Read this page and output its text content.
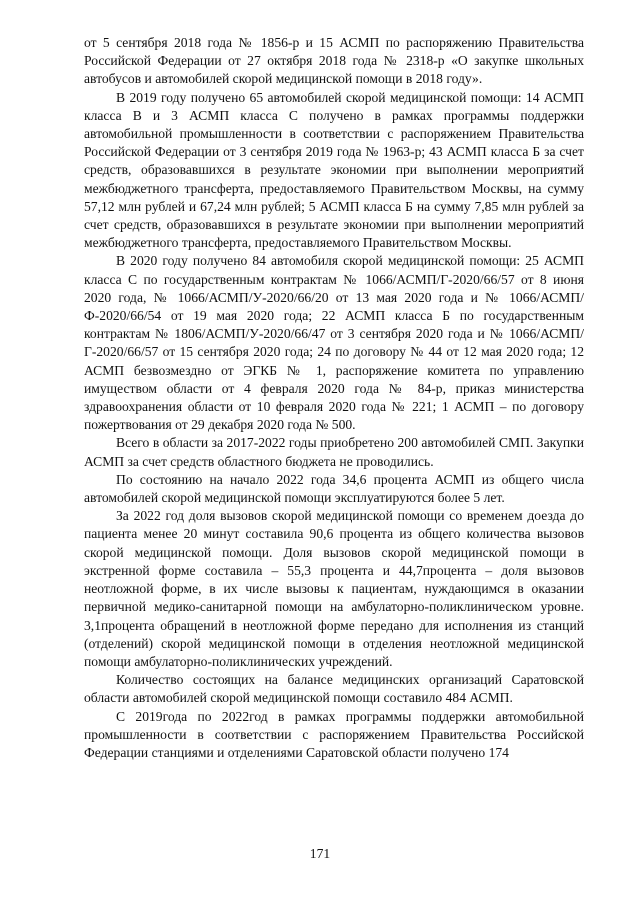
от 5 сентября 2018 года № 1856-р и 15 АСМП по распоряжению Правительства Российской Федерации от 27 октября 2018 года № 2318-р «О закупке школьных автобусов и автомобилей скорой медицинской помощи в 2018 году».

В 2019 году получено 65 автомобилей скорой медицинской помощи: 14 АСМП класса В и 3 АСМП класса С получено в рамках программы поддержки автомобильной промышленности в соответствии с распоряжением Правительства Российской Федерации от 3 сентября 2019 года № 1963-р; 43 АСМП класса Б за счет средств, образовавшихся в результате экономии при выполнении мероприятий межбюджетного трансферта, предоставляемого Правительством Москвы, на сумму 57,12 млн рублей и 67,24 млн рублей; 5 АСМП класса Б на сумму 7,85 млн рублей за счет средств, образовавшихся в результате экономии при выполнении мероприятий межбюджетного трансферта, предоставляемого Правительством Москвы.

В 2020 году получено 84 автомобиля скорой медицинской помощи: 25 АСМП класса С по государственным контрактам № 1066/АСМП/Г-2020/66/57 от 8 июня 2020 года, № 1066/АСМП/У-2020/66/20 от 13 мая 2020 года и № 1066/АСМП/Ф-2020/66/54 от 19 мая 2020 года; 22 АСМП класса Б по государственным контрактам № 1806/АСМП/У-2020/66/47 от 3 сентября 2020 года и № 1066/АСМП/Г-2020/66/57 от 15 сентября 2020 года; 24 по договору № 44 от 12 мая 2020 года; 12 АСМП безвозмездно от ЭГКБ № 1, распоряжение комитета по управлению имуществом области от 4 февраля 2020 года № 84-р, приказ министерства здравоохранения области от 10 февраля 2020 года № 221; 1 АСМП – по договору пожертвования от 29 декабря 2020 года № 500.

Всего в области за 2017-2022 годы приобретено 200 автомобилей СМП. Закупки АСМП за счет средств областного бюджета не проводились.

По состоянию на начало 2022 года 34,6 процента АСМП из общего числа автомобилей скорой медицинской помощи эксплуатируются более 5 лет.

За 2022 год доля вызовов скорой медицинской помощи со временем доезда до пациента менее 20 минут составила 90,6 процента из общего количества вызовов скорой медицинской помощи. Доля вызовов скорой медицинской помощи в экстренной форме составила – 55,3 процента и 44,7процента – доля вызовов неотложной форме, в их числе вызовы к пациентам, нуждающимся в оказании первичной медико-санитарной помощи на амбулаторно-поликлиническом уровне. 3,1процента обращений в неотложной форме передано для исполнения из станций (отделений) скорой медицинской помощи в отделения неотложной медицинской помощи амбулаторно-поликлинических учреждений.

Количество состоящих на балансе медицинских организаций Саратовской области автомобилей скорой медицинской помощи составило 484 АСМП.

С 2019года по 2022год в рамках программы поддержки автомобильной промышленности в соответствии с распоряжением Правительства Российской Федерации станциями и отделениями Саратовской области получено 174

171
